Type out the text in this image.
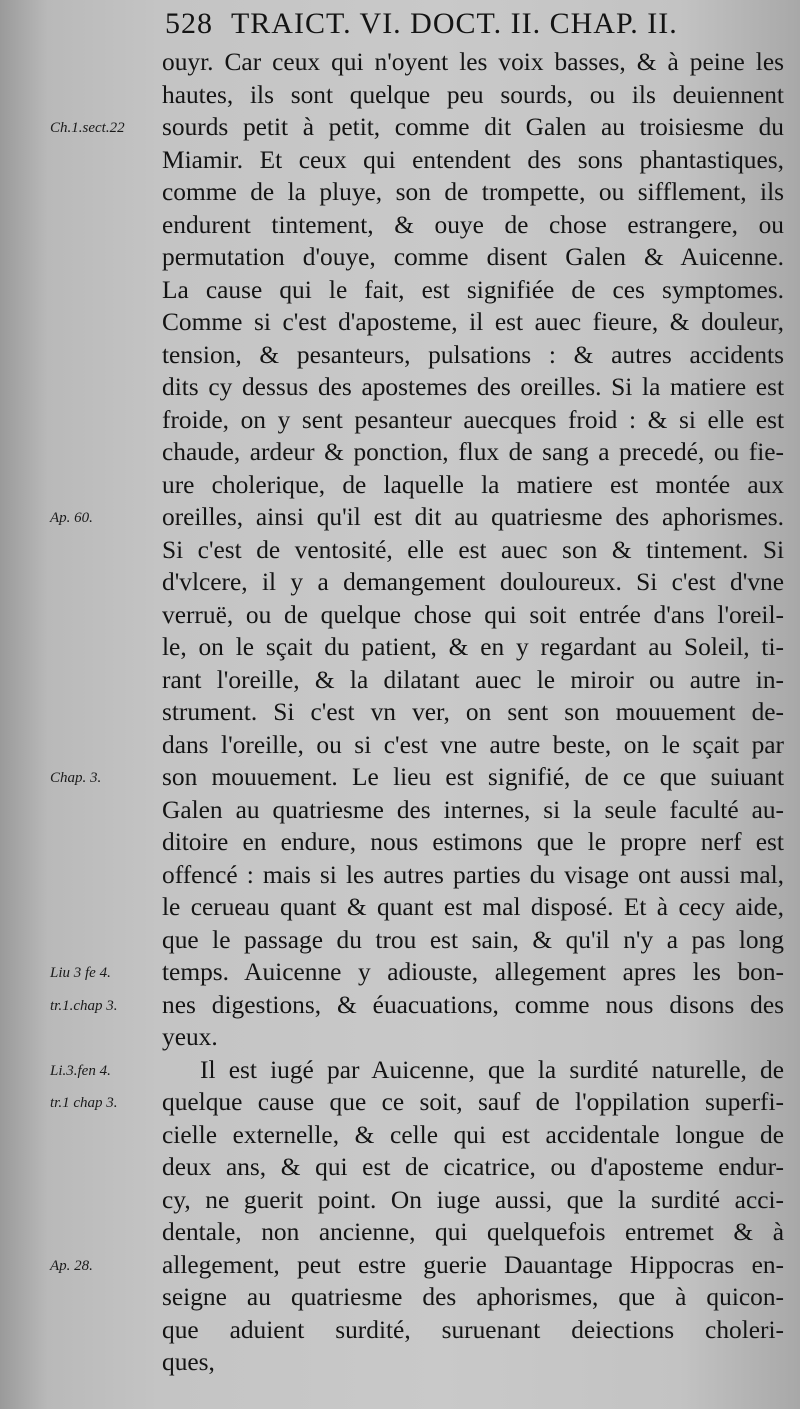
528 TRAICT. VI. DOCT. II. CHAP. II.
ouyr. Car ceux qui n'oyent les voix basses, & à peine les
hautes, ils sont quelque peu sourds, ou ils deuiennent
sourds petit à petit, comme dit Galen au troisiesme du
Miamir. Et ceux qui entendent des sons phantastiques,
comme de la pluye, son de trompette, ou sifflement, ils
endurent tintement, & ouye de chose estrangere, ou
permutation d'ouye, comme disent Galen & Auicenne.
La cause qui le fait, est signifiée de ces symptomes.
Comme si c'est d'aposteme, il est auec fieure, & douleur,
tension, & pesanteurs, pulsations : & autres accidents
dits cy dessus des apostemes des oreilles. Si la matiere est
froide, on y sent pesanteur auecques froid : & si elle est
chaude, ardeur & ponction, flux de sang a precedé, ou fie-
ure cholerique, de laquelle la matiere est montée aux
oreilles, ainsi qu'il est dit au quatriesme des aphorismes.
Si c'est de ventosité, elle est auec son & tintement. Si
d'vlcere, il y a demangement douloureux. Si c'est d'vne
verruë, ou de quelque chose qui soit entrée d'ans l'oreil-
le, on le sçait du patient, & en y regardant au Soleil, ti-
rant l'oreille, & la dilatant auec le miroir ou autre in-
strument. Si c'est vn ver, on sent son mouuement de-
dans l'oreille, ou si c'est vne autre beste, on le sçait par
son mouuement. Le lieu est signifié, de ce que suiuant
Galen au quatriesme des internes, si la seule faculté au-
ditoire en endure, nous estimons que le propre nerf est
offencé : mais si les autres parties du visage ont aussi mal,
le cerueau quant & quant est mal disposé. Et à cecy aide,
que le passage du trou est sain, & qu'il n'y a pas long
temps. Auicenne y adiouste, allegement apres les bon-
nes digestions, & éuacuations, comme nous disons des
yeux.
Il est iugé par Auicenne, que la surdité naturelle, de
quelque cause que ce soit, sauf de l'oppilation superfi-
cielle externelle, & celle qui est accidentale longue de
deux ans, & qui est de cicatrice, ou d'aposteme endur-
cy, ne guerit point. On iuge aussi, que la surdité acci-
dentale, non ancienne, qui quelquefois entremet & à
allegement, peut estre guerie Dauantage Hippocras en-
seigne au quatriesme des aphorismes, que à quicon-
que aduient surdité, suruenant deiections choleri-
ques,
Ch.1.sect.22
Ap. 60.
Chap. 3.
Liu 3 fe 4.
tr.1.chap 3.
Li.3.fen 4.
tr.1 chap 3.
Ap. 28.
